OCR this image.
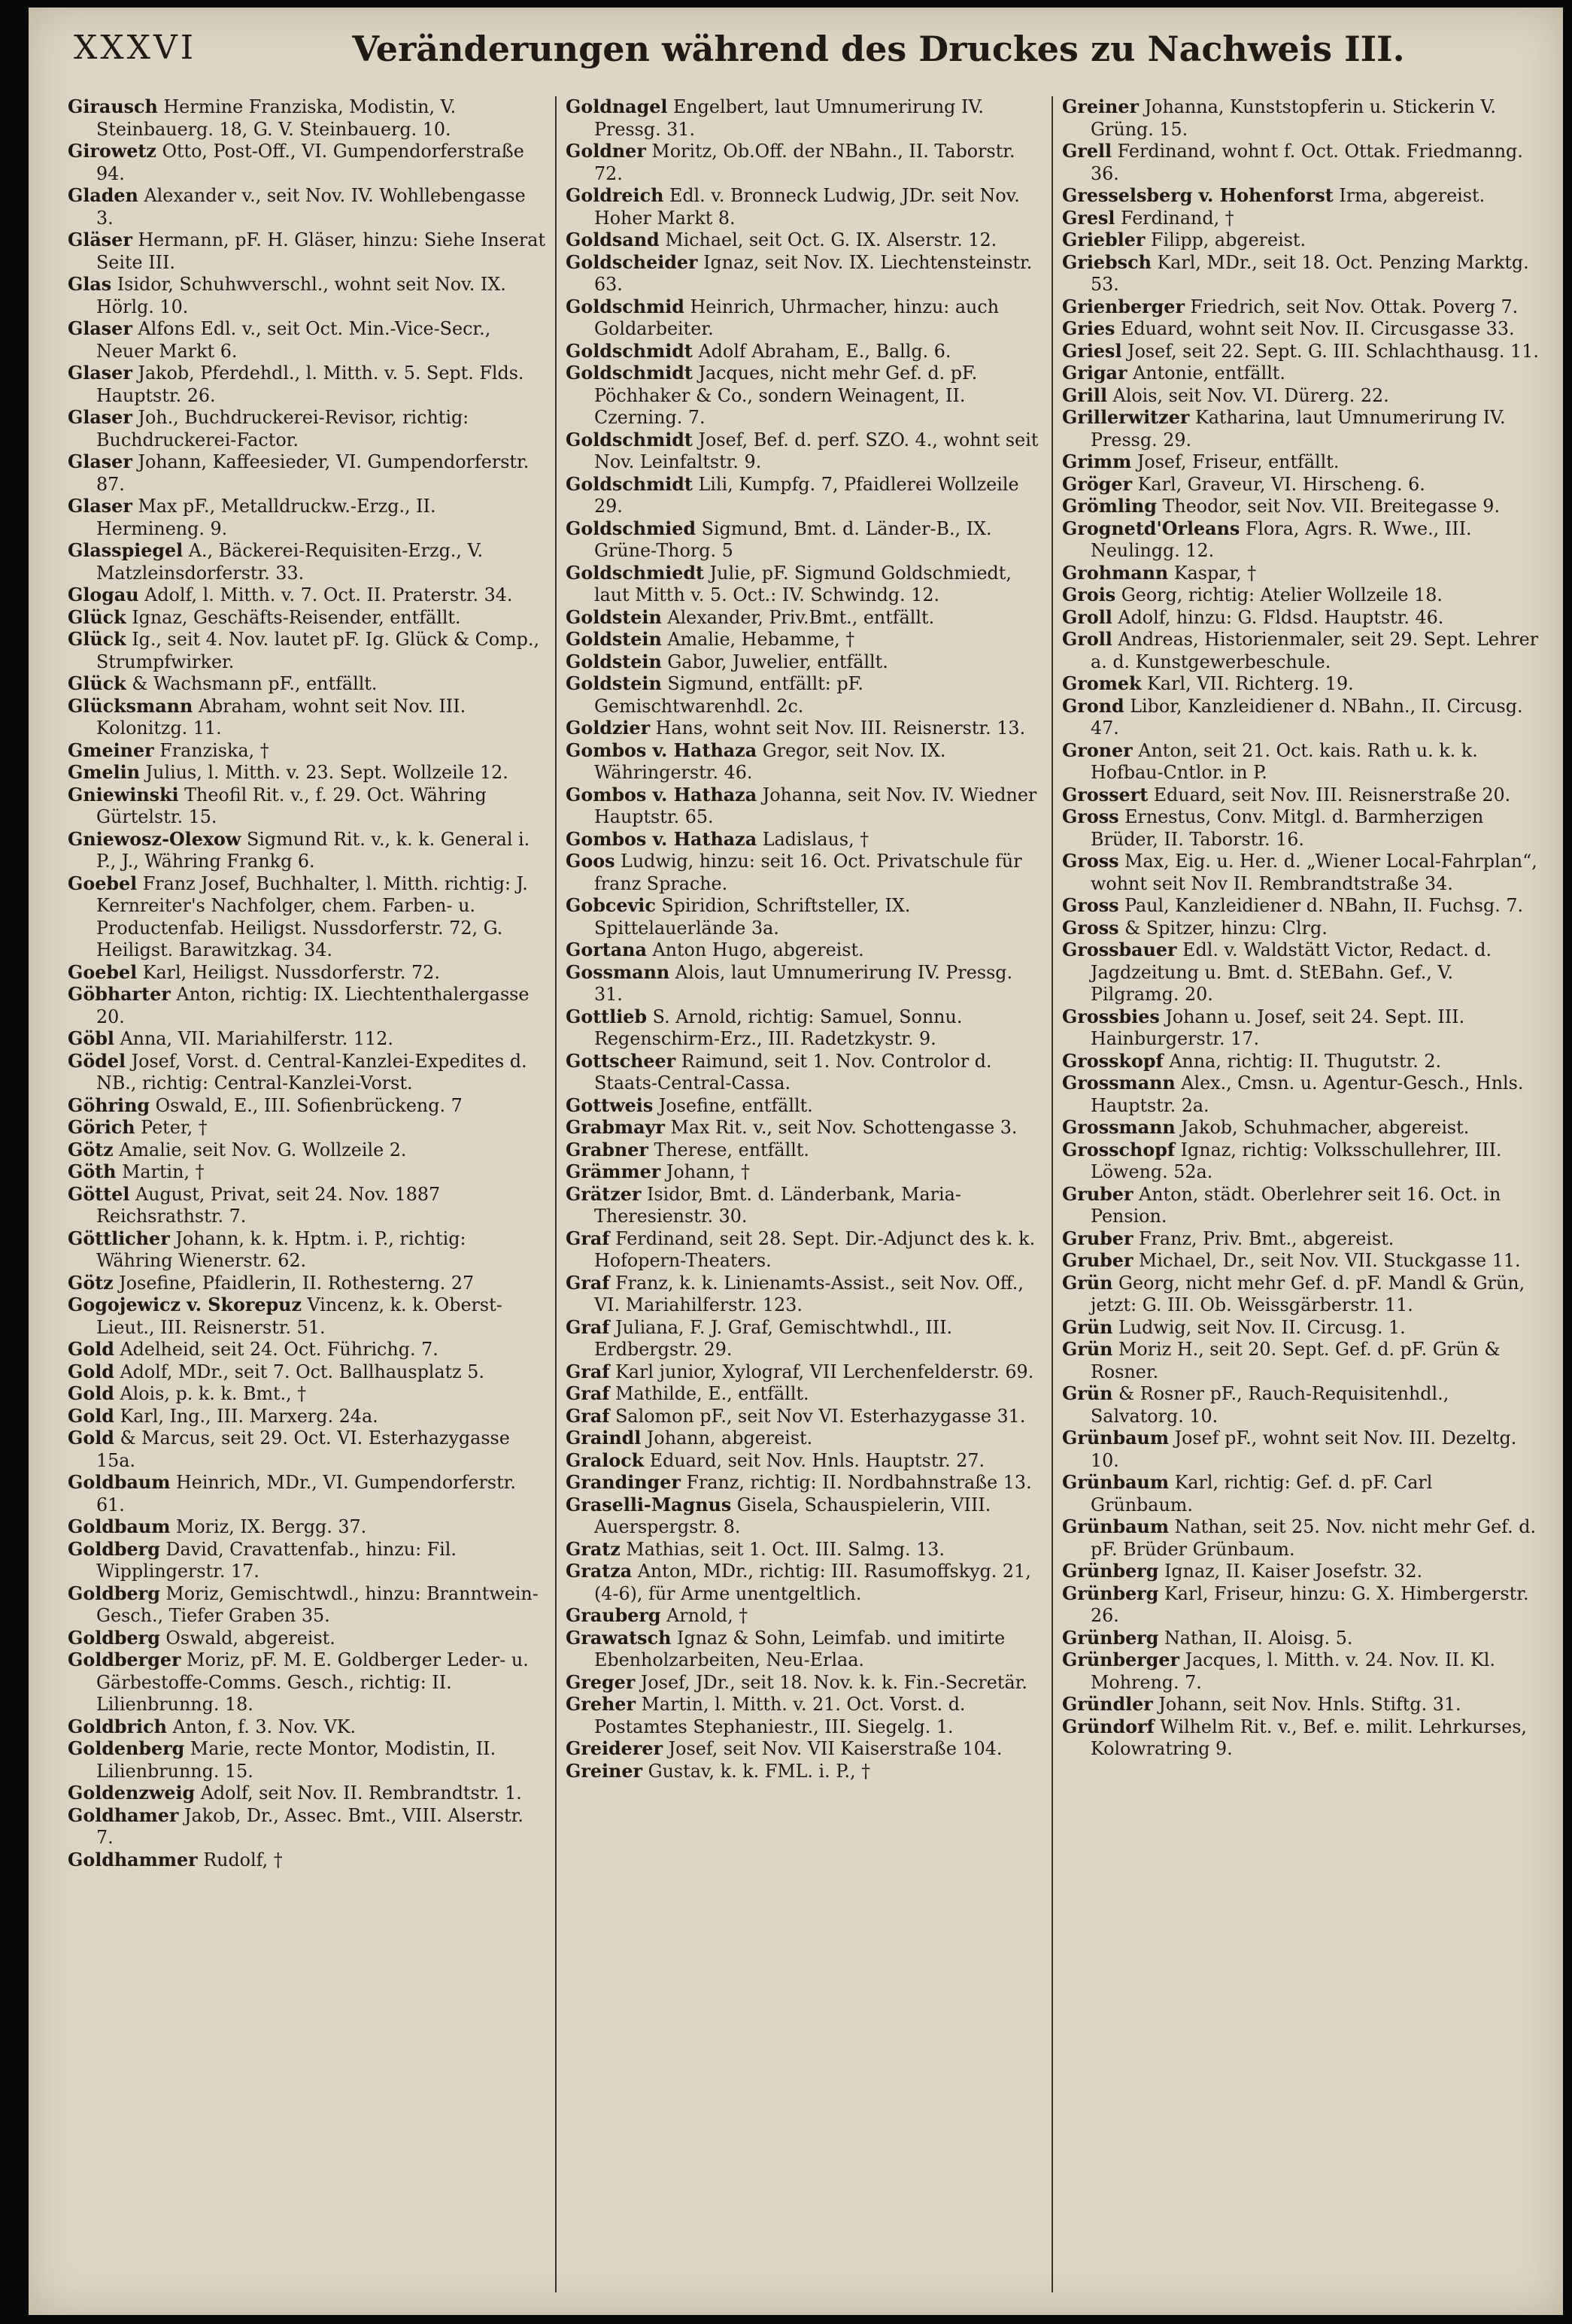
XXXVI	Veränderungen während des Druckes zu Nachweis III.

Girausch Hermine Franziska, Modistin, V. Steinbauerg. 18, G. V. Steinbauerg. 10.

Girowetz Otto, Post-Off., VI. Gumpendorferstraße 94.

Gladen Alexander v., seit Nov. IV. Wohllebengasse 3.

Gläser Hermann, pF. H. Gläser, hinzu: Siehe Inserat Seite III.

Glas Isidor, Schuhwverschl., wohnt seit Nov. IX. Hörlg. 10.

Glaser Alfons Edl. v., seit Oct. Min.-Vice-Secr., Neuer Markt 6.

Glaser Jakob, Pferdehdl., l. Mitth. v. 5. Sept. Flds. Hauptstr. 26.

Glaser Joh., Buchdruckerei-Revisor, richtig: Buchdruckerei-Factor.

Glaser Johann, Kaffeesieder, VI. Gumpendorferstr. 87.

Glaser Max pF., Metalldruckw.-Erzg., II. Hermineng. 9.

Glasspiegel A., Bäckerei-Requisiten-Erzg., V. Matzleinsdorferstr. 33.

Glogau Adolf, l. Mitth. v. 7. Oct. II. Praterstr. 34.

Glück Ignaz, Geschäfts-Reisender, entfällt.

Glück Ig., seit 4. Nov. lautet pF. Ig. Glück & Comp., Strumpfwirker.

Glück & Wachsmann pF., entfällt.

Glücksmann Abraham, wohnt seit Nov. III. Kolonitzg. 11.

Gmeiner Franziska, †

Gmelin Julius, l. Mitth. v. 23. Sept. Wollzeile 12.

Gniewinski Theofil Rit. v., f. 29. Oct. Währing Gürtelstr. 15.

Gniewosz-Olexow Sigmund Rit. v., k. k. General i. P., J., Währing Frankg 6.

Goebel Franz Josef, Buchhalter, l. Mitth. richtig: J. Kernreiter's Nachfolger, chem. Farben- u. Productenfab. Heiligst. Nussdorferstr. 72, G. Heiligst. Barawitzkag. 34.

Goebel Karl, Heiligst. Nussdorferstr. 72.

Göbharter Anton, richtig: IX. Liechtenthalergasse 20.

Göbl Anna, VII. Mariahilferstr. 112.

Gödel Josef, Vorst. d. Central-Kanzlei-Expedites d. NB., richtig: Central-Kanzlei-Vorst.

Göhring Oswald, E., III. Sofienbrückeng. 7

Görich Peter, †

Götz Amalie, seit Nov. G. Wollzeile 2.

Göth Martin, †

Göttel August, Privat, seit 24. Nov. 1887 Reichsrathstr. 7.

Göttlicher Johann, k. k. Hptm. i. P., richtig: Währing Wienerstr. 62.

Götz Josefine, Pfaidlerin, II. Rothesterng. 27

Gogojewicz v. Skorepuz Vincenz, k. k. Oberst-Lieut., III. Reisnerstr. 51.

Gold Adelheid, seit 24. Oct. Führichg. 7.

Gold Adolf, MDr., seit 7. Oct. Ballhausplatz 5.

Gold Alois, p. k. k. Bmt., †

Gold Karl, Ing., III. Marxerg. 24a.

Gold & Marcus, seit 29. Oct. VI. Esterhazygasse 15a.

Goldbaum Heinrich, MDr., VI. Gumpendorferstr. 61.

Goldbaum Moriz, IX. Bergg. 37.

Goldberg David, Cravattenfab., hinzu: Fil. Wipplingerstr. 17.

Goldberg Moriz, Gemischtwdl., hinzu: Branntwein-Gesch., Tiefer Graben 35.

Goldberg Oswald, abgereist.

Goldberger Moriz, pF. M. E. Goldberger Leder- u. Gärbestoffe-Comms. Gesch., richtig: II. Lilienbrunng. 18.

Goldbrich Anton, f. 3. Nov. VK.

Goldenberg Marie, recte Montor, Modistin, II. Lilienbrunng. 15.

Goldenzweig Adolf, seit Nov. II. Rembrandtstr. 1.

Goldhamer Jakob, Dr., Assec. Bmt., VIII. Alserstr. 7.

Goldhammer Rudolf, †

Goldnagel Engelbert, laut Umnumerirung IV. Pressg. 31.

Goldner Moritz, Ob.Off. der NBahn., II. Taborstr. 72.

Goldreich Edl. v. Bronneck Ludwig, JDr. seit Nov. Hoher Markt 8.

Goldsand Michael, seit Oct. G. IX. Alserstr. 12.

Goldscheider Ignaz, seit Nov. IX. Liechtensteinstr. 63.

Goldschmid Heinrich, Uhrmacher, hinzu: auch Goldarbeiter.

Goldschmidt Adolf Abraham, E., Ballg. 6.

Goldschmidt Jacques, nicht mehr Gef. d. pF. Pöchhaker & Co., sondern Weinagent, II. Czerning. 7.

Goldschmidt Josef, Bef. d. perf. SZO. 4., wohnt seit Nov. Leinfaltstr. 9.

Goldschmidt Lili, Kumpfg. 7, Pfaidlerei Wollzeile 29.

Goldschmied Sigmund, Bmt. d. Länder-B., IX. Grüne-Thorg. 5

Goldschmiedt Julie, pF. Sigmund Goldschmiedt, laut Mitth v. 5. Oct.: IV. Schwindg. 12.

Goldstein Alexander, Priv.Bmt., entfällt.

Goldstein Amalie, Hebamme, †

Goldstein Gabor, Juwelier, entfällt.

Goldstein Sigmund, entfällt: pF. Gemischtwarenhdl. 2c.

Goldzier Hans, wohnt seit Nov. III. Reisnerstr. 13.

Gombos v. Hathaza Gregor, seit Nov. IX. Währingerstr. 46.

Gombos v. Hathaza Johanna, seit Nov. IV. Wiedner Hauptstr. 65.

Gombos v. Hathaza Ladislaus, †

Goos Ludwig, hinzu: seit 16. Oct. Privatschule für franz Sprache.

Gobcevic Spiridion, Schriftsteller, IX. Spittelauerlände 3a.

Gortana Anton Hugo, abgereist.

Gossmann Alois, laut Umnumerirung IV. Pressg. 31.

Gottlieb S. Arnold, richtig: Samuel, Sonnu. Regenschirm-Erz., III. Radetzkystr. 9.

Gottscheer Raimund, seit 1. Nov. Controlor d. Staats-Central-Cassa.

Gottweis Josefine, entfällt.

Grabmayr Max Rit. v., seit Nov. Schottengasse 3.

Grabner Therese, entfällt.

Grämmer Johann, †

Grätzer Isidor, Bmt. d. Länderbank, Maria-Theresienstr. 30.

Graf Ferdinand, seit 28. Sept. Dir.-Adjunct des k. k. Hofopern-Theaters.

Graf Franz, k. k. Linienamts-Assist., seit Nov. Off., VI. Mariahilferstr. 123.

Graf Juliana, F. J. Graf, Gemischtwhdl., III. Erdbergstr. 29.

Graf Karl junior, Xylograf, VII Lerchenfelderstr. 69.

Graf Mathilde, E., entfällt.

Graf Salomon pF., seit Nov VI. Esterhazygasse 31.

Graindl Johann, abgereist.

Gralock Eduard, seit Nov. Hnls. Hauptstr. 27.

Grandinger Franz, richtig: II. Nordbahnstraße 13.

Graselli-Magnus Gisela, Schauspielerin, VIII. Auerspergstr. 8.

Gratz Mathias, seit 1. Oct. III. Salmg. 13.

Gratza Anton, MDr., richtig: III. Rasumoffskyg. 21, (4-6), für Arme unentgeltlich.

Grauberg Arnold, †

Grawatsch Ignaz & Sohn, Leimfab. und imitirte Ebenholzarbeiten, Neu-Erlaa.

Greger Josef, JDr., seit 18. Nov. k. k. Fin.-Secretär.

Greher Martin, l. Mitth. v. 21. Oct. Vorst. d. Postamtes Stephaniestr., III. Siegelg. 1.

Greiderer Josef, seit Nov. VII Kaiserstraße 104.

Greiner Gustav, k. k. FML. i. P., †

Greiner Johanna, Kunststopferin u. Stickerin V. Grüng. 15.

Grell Ferdinand, wohnt f. Oct. Ottak. Friedmanng. 36.

Gresselsberg v. Hohenforst Irma, abgereist.

Gresl Ferdinand, †

Griebler Filipp, abgereist.

Griebsch Karl, MDr., seit 18. Oct. Penzing Marktg. 53.

Grienberger Friedrich, seit Nov. Ottak. Poverg 7.

Gries Eduard, wohnt seit Nov. II. Circusgasse 33.

Griesl Josef, seit 22. Sept. G. III. Schlachthausg. 11.

Grigar Antonie, entfällt.

Grill Alois, seit Nov. VI. Dürerg. 22.

Grillerwitzer Katharina, laut Umnumerirung IV. Pressg. 29.

Grimm Josef, Friseur, entfällt.

Gröger Karl, Graveur, VI. Hirscheng. 6.

Grömling Theodor, seit Nov. VII. Breitegasse 9.

Grognetd'Orleans Flora, Agrs. R. Wwe., III. Neulingg. 12.

Grohmann Kaspar, †

Grois Georg, richtig: Atelier Wollzeile 18.

Groll Adolf, hinzu: G. Fldsd. Hauptstr. 46.

Groll Andreas, Historienmaler, seit 29. Sept. Lehrer a. d. Kunstgewerbeschule.

Gromek Karl, VII. Richterg. 19.

Grond Libor, Kanzleidiener d. NBahn., II. Circusg. 47.

Groner Anton, seit 21. Oct. kais. Rath u. k. k. Hofbau-Cntlor. in P.

Grossert Eduard, seit Nov. III. Reisnerstraße 20.

Gross Ernestus, Conv. Mitgl. d. Barmherzigen Brüder, II. Taborstr. 16.

Gross Max, Eig. u. Her. d. „Wiener Local-Fahrplan“, wohnt seit Nov II. Rembrandtstraße 34.

Gross Paul, Kanzleidiener d. NBahn, II. Fuchsg. 7.

Gross & Spitzer, hinzu: Clrg.

Grossbauer Edl. v. Waldstätt Victor, Redact. d. Jagdzeitung u. Bmt. d. StEBahn. Gef., V. Pilgramg. 20.

Grossbies Johann u. Josef, seit 24. Sept. III. Hainburgerstr. 17.

Grosskopf Anna, richtig: II. Thugutstr. 2.

Grossmann Alex., Cmsn. u. Agentur-Gesch., Hnls. Hauptstr. 2a.

Grossmann Jakob, Schuhmacher, abgereist.

Grosschopf Ignaz, richtig: Volksschullehrer, III. Löweng. 52a.

Gruber Anton, städt. Oberlehrer seit 16. Oct. in Pension.

Gruber Franz, Priv. Bmt., abgereist.

Gruber Michael, Dr., seit Nov. VII. Stuckgasse 11.

Grün Georg, nicht mehr Gef. d. pF. Mandl & Grün, jetzt: G. III. Ob. Weissgärberstr. 11.

Grün Ludwig, seit Nov. II. Circusg. 1.

Grün Moriz H., seit 20. Sept. Gef. d. pF. Grün & Rosner.

Grün & Rosner pF., Rauch-Requisitenhdl., Salvatorg. 10.

Grünbaum Josef pF., wohnt seit Nov. III. Dezeltg. 10.

Grünbaum Karl, richtig: Gef. d. pF. Carl Grünbaum.

Grünbaum Nathan, seit 25. Nov. nicht mehr Gef. d. pF. Brüder Grünbaum.

Grünberg Ignaz, II. Kaiser Josefstr. 32.

Grünberg Karl, Friseur, hinzu: G. X. Himbergerstr. 26.

Grünberg Nathan, II. Aloisg. 5.

Grünberger Jacques, l. Mitth. v. 24. Nov. II. Kl. Mohreng. 7.

Gründler Johann, seit Nov. Hnls. Stiftg. 31.

Gründorf Wilhelm Rit. v., Bef. e. milit. Lehrkurses, Kolowratring 9.
